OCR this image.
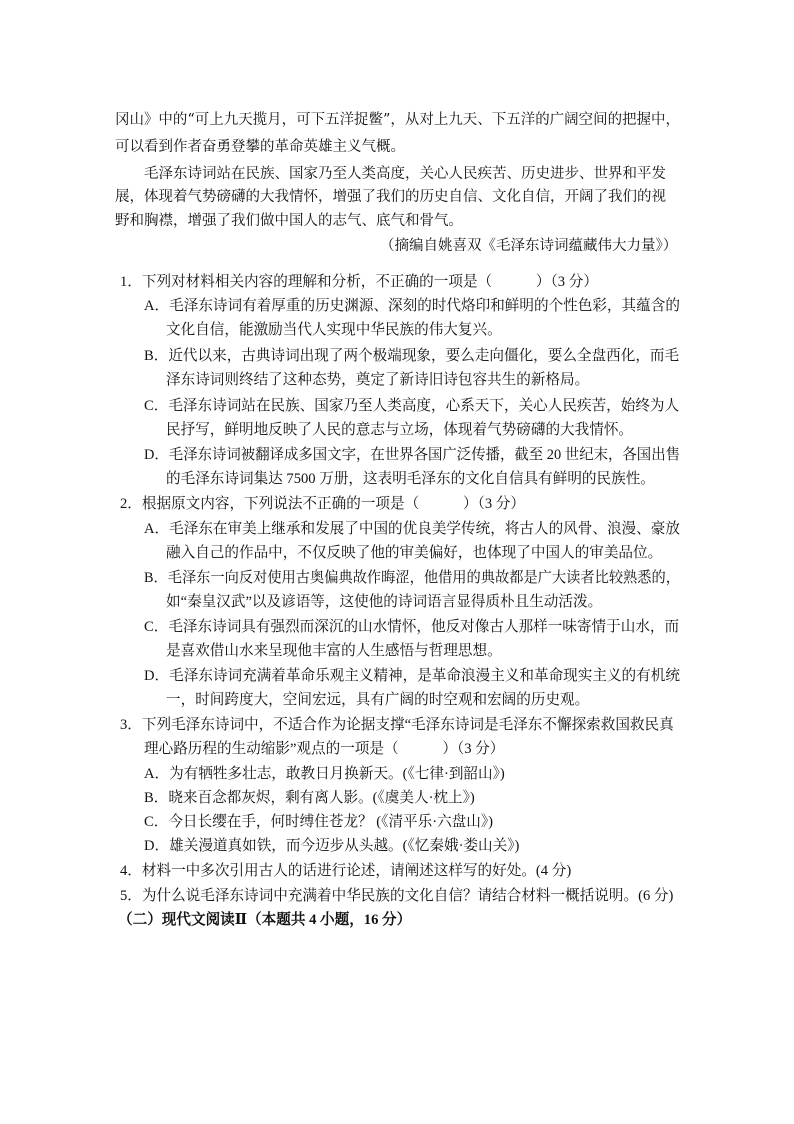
冈山》中的“可上九天揽月，可下五洋捉鳖”，从对上九天、下五洋的广阔空间的把握中，
可以看到作者奋勇登攀的革命英雄主义气概。
毛泽东诗词站在民族、国家乃至人类高度，关心人民疾苦、历史进步、世界和平发
展，体现着气势磅礴的大我情怀，增强了我们的历史自信、文化自信，开阔了我们的视
野和胸襟，增强了我们做中国人的志气、底气和骨气。
（摘编自姚喜双《毛泽东诗词蕴藏伟大力量》）
1．下列对材料相关内容的理解和分析，不正确的一项是（　　　）（3 分）
A．毛泽东诗词有着厚重的历史渊源、深刻的时代烙印和鲜明的个性色彩，其蕴含的
文化自信，能激励当代人实现中华民族的伟大复兴。
B．近代以来，古典诗词出现了两个极端现象，要么走向僵化，要么全盘西化，而毛
泽东诗词则终结了这种态势，奠定了新诗旧诗包容共生的新格局。
C．毛泽东诗词站在民族、国家乃至人类高度，心系天下，关心人民疾苦，始终为人
民抒写，鲜明地反映了人民的意志与立场，体现着气势磅礴的大我情怀。
D．毛泽东诗词被翻译成多国文字，在世界各国广泛传播，截至 20 世纪末，各国出售
的毛泽东诗词集达 7500 万册，这表明毛泽东的文化自信具有鲜明的民族性。
2．根据原文内容，下列说法不正确的一项是（　　　）（3 分）
A．毛泽东在审美上继承和发展了中国的优良美学传统，将古人的风骨、浪漫、豪放
融入自己的作品中，不仅反映了他的审美偏好，也体现了中国人的审美品位。
B．毛泽东一向反对使用古奥偏典故作晦涩，他借用的典故都是广大读者比较熟悉的，
如“秦皇汉武”以及谚语等，这使他的诗词语言显得质朴且生动活泼。
C．毛泽东诗词具有强烈而深沉的山水情怀，他反对像古人那样一味寄情于山水，而
是喜欢借山水来呈现他丰富的人生感悟与哲理思想。
D．毛泽东诗词充满着革命乐观主义精神，是革命浪漫主义和革命现实主义的有机统
一，时间跨度大，空间宏远，具有广阔的时空观和宏阔的历史观。
3．下列毛泽东诗词中，不适合作为论据支撑“毛泽东诗词是毛泽东不懈探索救国救民真
理心路历程的生动缩影”观点的一项是（　　　）（3 分）
A．为有牺牲多壮志，敢教日月换新天。(《七律·到韶山》)
B．晓来百念都灰烬，剩有离人影。(《虞美人·枕上》)
C．今日长缨在手，何时缚住苍龙？ (《清平乐·六盘山》)
D．雄关漫道真如铁，而今迈步从头越。(《忆秦娥·娄山关》)
4．材料一中多次引用古人的话进行论述，请阐述这样写的好处。(4 分)
5．为什么说毛泽东诗词中充满着中华民族的文化自信？请结合材料一概括说明。(6 分)
（二）现代文阅读Ⅱ（本题共 4 小题，16 分）
